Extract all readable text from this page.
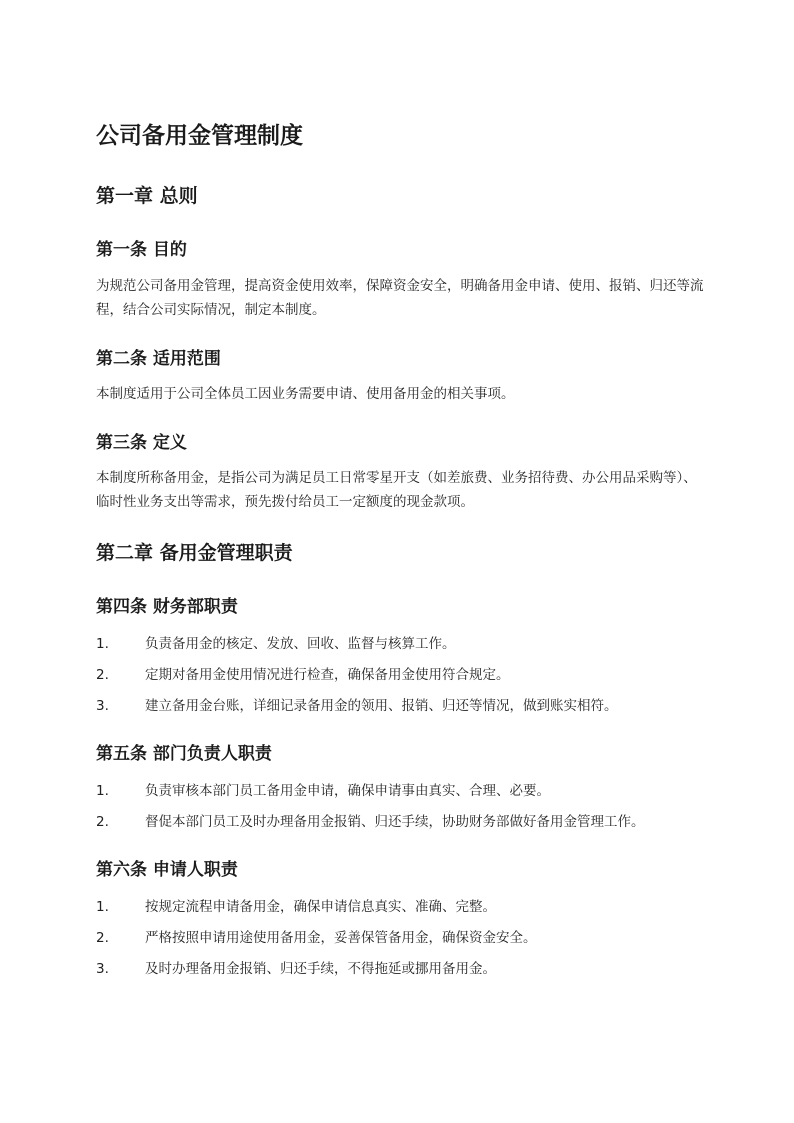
公司备用金管理制度
第一章 总则
第一条 目的

为规范公司备用金管理，提高资金使用效率，保障资金安全，明确备用金申请、使用、报销、归还等流程，结合公司实际情况，制定本制度。

第二条 适用范围

本制度适用于公司全体员工因业务需要申请、使用备用金的相关事项。

第三条 定义

本制度所称备用金，是指公司为满足员工日常零星开支（如差旅费、业务招待费、办公用品采购等）、临时性业务支出等需求，预先拨付给员工一定额度的现金款项。

第二章 备用金管理职责
第四条 财务部职责
1.	负责备用金的核定、发放、回收、监督与核算工作。
2.	定期对备用金使用情况进行检查，确保备用金使用符合规定。
3.	建立备用金台账，详细记录备用金的领用、报销、归还等情况，做到账实相符。
第五条 部门负责人职责
1.	负责审核本部门员工备用金申请，确保申请事由真实、合理、必要。
2.	督促本部门员工及时办理备用金报销、归还手续，协助财务部做好备用金管理工作。
第六条 申请人职责
1.	按规定流程申请备用金，确保申请信息真实、准确、完整。
2.	严格按照申请用途使用备用金，妥善保管备用金，确保资金安全。
3.	及时办理备用金报销、归还手续，不得拖延或挪用备用金。
